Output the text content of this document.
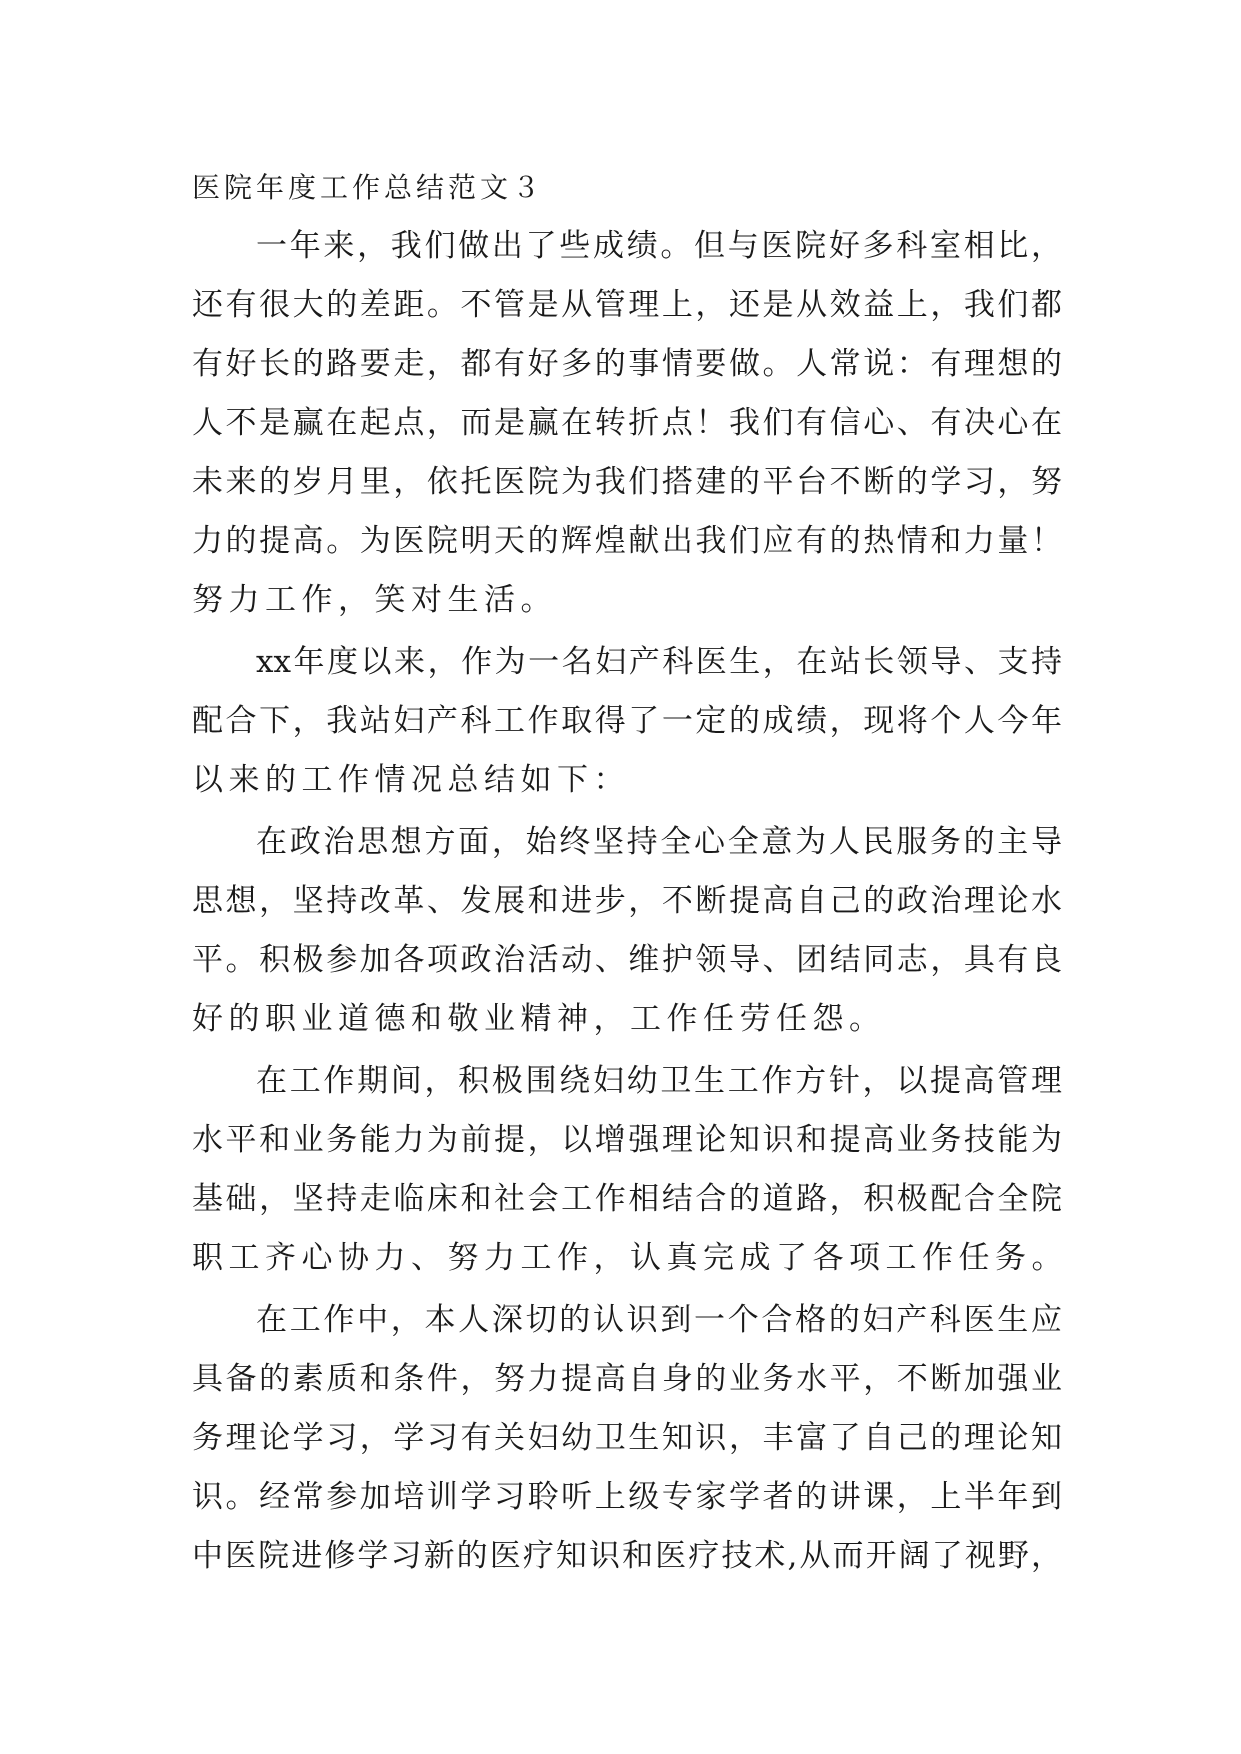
医院年度工作总结范文３

一年来，我们做出了些成绩。但与医院好多科室相比，

还有很大的差距。不管是从管理上，还是从效益上，我们都

有好长的路要走，都有好多的事情要做。人常说：有理想的

人不是赢在起点，而是赢在转折点！我们有信心、有决心在

未来的岁月里，依托医院为我们搭建的平台不断的学习，努

力的提高。为医院明天的辉煌献出我们应有的热情和力量！

努力工作，笑对生活。

xx年度以来，作为一名妇产科医生，在站长领导、支持

配合下，我站妇产科工作取得了一定的成绩，现将个人今年

以来的工作情况总结如下：

在政治思想方面，始终坚持全心全意为人民服务的主导

思想，坚持改革、发展和进步，不断提高自己的政治理论水

平。积极参加各项政治活动、维护领导、团结同志，具有良

好的职业道德和敬业精神，工作任劳任怨。

在工作期间，积极围绕妇幼卫生工作方针，以提高管理

水平和业务能力为前提，以增强理论知识和提高业务技能为

基础，坚持走临床和社会工作相结合的道路，积极配合全院

职工齐心协力、努力工作，认真完成了各项工作任务。

在工作中，本人深切的认识到一个合格的妇产科医生应

具备的素质和条件，努力提高自身的业务水平，不断加强业

务理论学习，学习有关妇幼卫生知识，丰富了自己的理论知

识。经常参加培训学习聆听上级专家学者的讲课，上半年到

中医院进修学习新的医疗知识和医疗技术,从而开阔了视野，
